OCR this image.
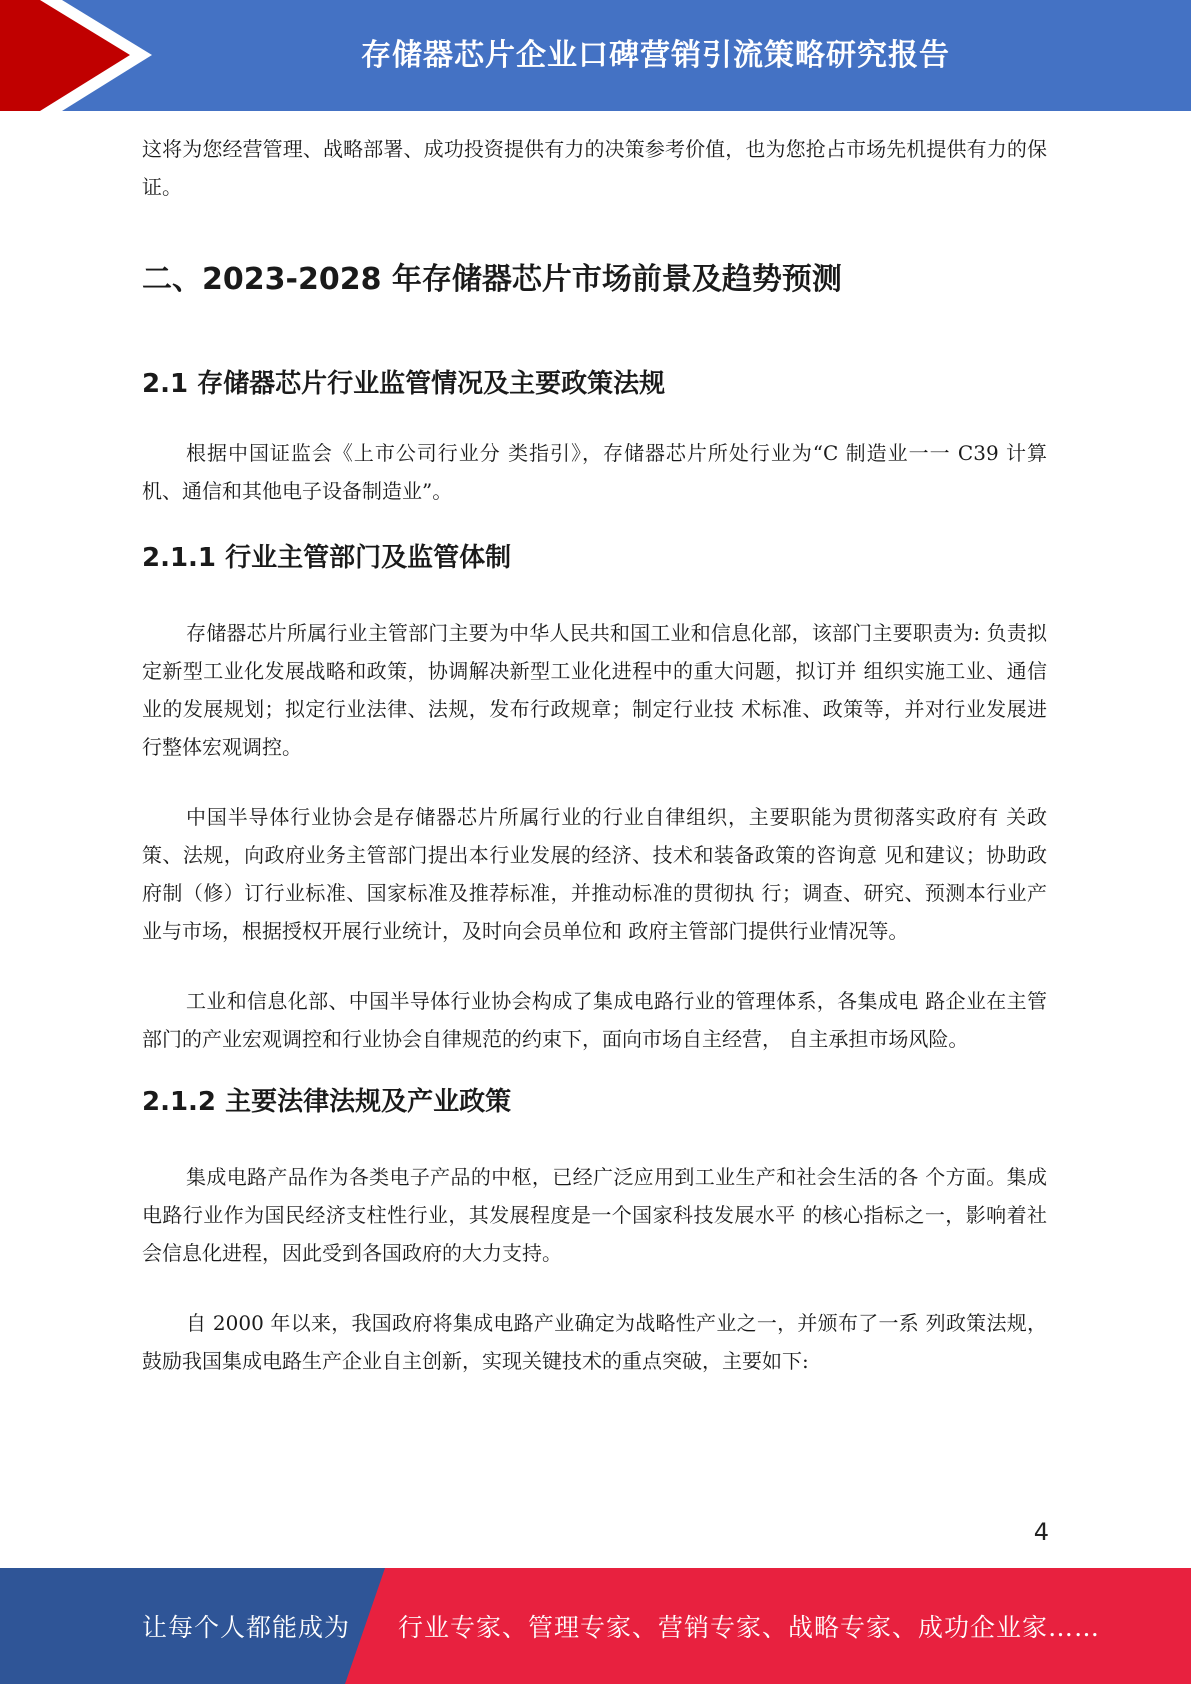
存储器芯片企业口碑营销引流策略研究报告

这将为您经营管理、战略部署、成功投资提供有力的决策参考价值，也为您抢占市场先机提供有力的保证。

二、2023-2028 年存储器芯片市场前景及趋势预测
2.1 存储器芯片行业监管情况及主要政策法规

根据中国证监会《上市公司行业分 类指引》，存储器芯片所处行业为“C 制造业一一 C39 计算机、通信和其他电子设备制造业”。

2.1.1 行业主管部门及监管体制

存储器芯片所属行业主管部门主要为中华人民共和国工业和信息化部，该部门主要职责为: 负责拟定新型工业化发展战略和政策，协调解决新型工业化进程中的重大问题，拟订并 组织实施工业、通信业的发展规划；拟定行业法律、法规，发布行政规章；制定行业技 术标准、政策等，并对行业发展进行整体宏观调控。

中国半导体行业协会是存储器芯片所属行业的行业自律组织，主要职能为贯彻落实政府有 关政策、法规，向政府业务主管部门提出本行业发展的经济、技术和装备政策的咨询意 见和建议；协助政府制（修）订行业标准、国家标准及推荐标准，并推动标准的贯彻执 行；调查、研究、预测本行业产业与市场，根据授权开展行业统计，及时向会员单位和 政府主管部门提供行业情况等。

工业和信息化部、中国半导体行业协会构成了集成电路行业的管理体系，各集成电 路企业在主管部门的产业宏观调控和行业协会自律规范的约束下，面向市场自主经营， 自主承担市场风险。

2.1.2 主要法律法规及产业政策

集成电路产品作为各类电子产品的中枢，已经广泛应用到工业生产和社会生活的各 个方面。集成电路行业作为国民经济支柱性行业，其发展程度是一个国家科技发展水平 的核心指标之一，影响着社会信息化进程，因此受到各国政府的大力支持。

自 2000 年以来，我国政府将集成电路产业确定为战略性产业之一，并颁布了一系 列政策法规，鼓励我国集成电路生产企业自主创新，实现关键技术的重点突破，主要如下:

4
让每个人都能成为 行业专家、管理专家、营销专家、战略专家、成功企业家……
